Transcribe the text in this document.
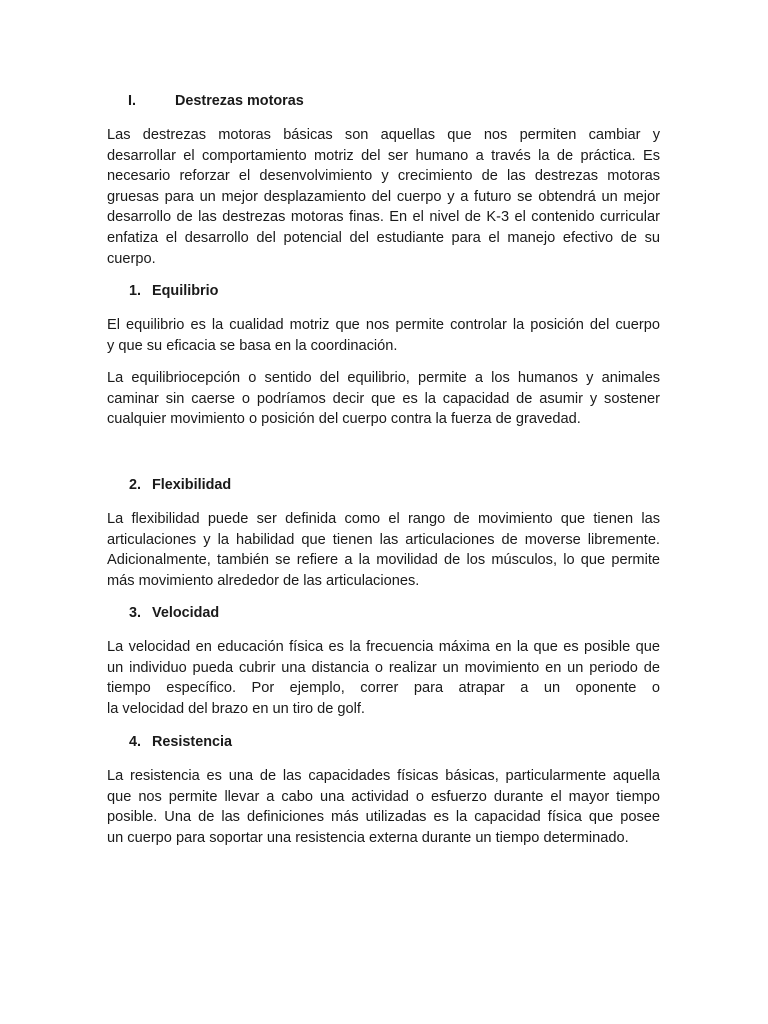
I.	Destrezas motoras
Las destrezas motoras básicas son aquellas que nos permiten cambiar y
desarrollar el comportamiento motriz del ser humano a través la de práctica. Es
necesario reforzar el desenvolvimiento y crecimiento de las destrezas motoras
gruesas para un mejor desplazamiento del cuerpo y a futuro se obtendrá un mejor
desarrollo de las destrezas motoras finas. En el nivel de K-3 el contenido curricular
enfatiza el desarrollo del potencial del estudiante para el manejo efectivo de su
cuerpo.
1. Equilibrio
El equilibrio es la cualidad motriz que nos permite controlar la posición del cuerpo
y que su eficacia se basa en la coordinación.
La equilibriocepción o sentido del equilibrio, permite a los humanos y animales
caminar sin caerse o podríamos decir que es la capacidad de asumir y sostener
cualquier movimiento o posición del cuerpo contra la fuerza de gravedad.
2. Flexibilidad
La flexibilidad puede ser definida como el rango de movimiento que tienen las
articulaciones y la habilidad que tienen las articulaciones de moverse libremente.
Adicionalmente, también se refiere a la movilidad de los músculos, lo que permite
más movimiento alrededor de las articulaciones.
3. Velocidad
La velocidad en educación física es la frecuencia máxima en la que es posible que
un individuo pueda cubrir una distancia o realizar un movimiento en un periodo de
tiempo específico. Por ejemplo, correr para atrapar a un oponente o
la velocidad del brazo en un tiro de golf.
4. Resistencia
La resistencia es una de las capacidades físicas básicas, particularmente aquella
que nos permite llevar a cabo una actividad o esfuerzo durante el mayor tiempo
posible. Una de las definiciones más utilizadas es la capacidad física que posee
un cuerpo para soportar una resistencia externa durante un tiempo determinado.
